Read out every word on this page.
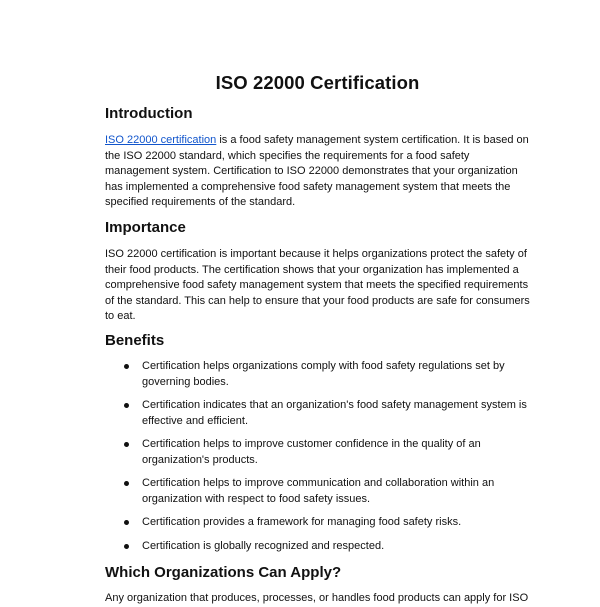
ISO 22000 Certification
Introduction
ISO 22000 certification is a food safety management system certification. It is based on the ISO 22000 standard, which specifies the requirements for a food safety management system. Certification to ISO 22000 demonstrates that your organization has implemented a comprehensive food safety management system that meets the specified requirements of the standard.
Importance
ISO 22000 certification is important because it helps organizations protect the safety of their food products. The certification shows that your organization has implemented a comprehensive food safety management system that meets the specified requirements of the standard. This can help to ensure that your food products are safe for consumers to eat.
Benefits
Certification helps organizations comply with food safety regulations set by governing bodies.
Certification indicates that an organization's food safety management system is effective and efficient.
Certification helps to improve customer confidence in the quality of an organization's products.
Certification helps to improve communication and collaboration within an organization with respect to food safety issues.
Certification provides a framework for managing food safety risks.
Certification is globally recognized and respected.
Which Organizations Can Apply?
Any organization that produces, processes, or handles food products can apply for ISO
